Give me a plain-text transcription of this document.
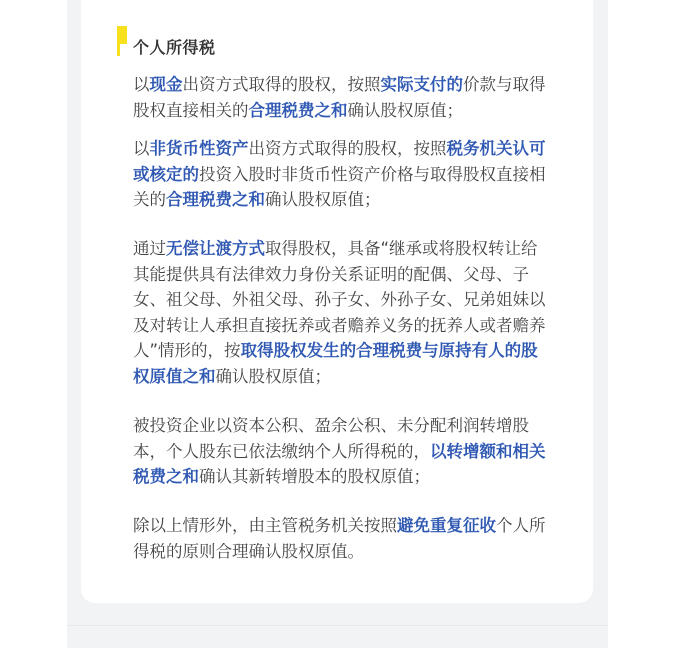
个人所得税

以现金出资方式取得的股权，按照实际支付的价款与取得股权直接相关的合理税费之和确认股权原值；

以非货币性资产出资方式取得的股权，按照税务机关认可或核定的投资入股时非货币性资产价格与取得股权直接相关的合理税费之和确认股权原值；

通过无偿让渡方式取得股权，具备“继承或将股权转让给其能提供具有法律效力身份关系证明的配偶、父母、子女、祖父母、外祖父母、孙子女、外孙子女、兄弟姐妹以及对转让人承担直接抚养或者赡养义务的抚养人或者赡养人”情形的，按取得股权发生的合理税费与原持有人的股权原值之和确认股权原值；

被投资企业以资本公积、盈余公积、未分配利润转增股本，个人股东已依法缴纳个人所得税的，以转增额和相关税费之和确认其新转增股本的股权原值；

除以上情形外，由主管税务机关按照避免重复征收个人所得税的原则合理确认股权原值。
